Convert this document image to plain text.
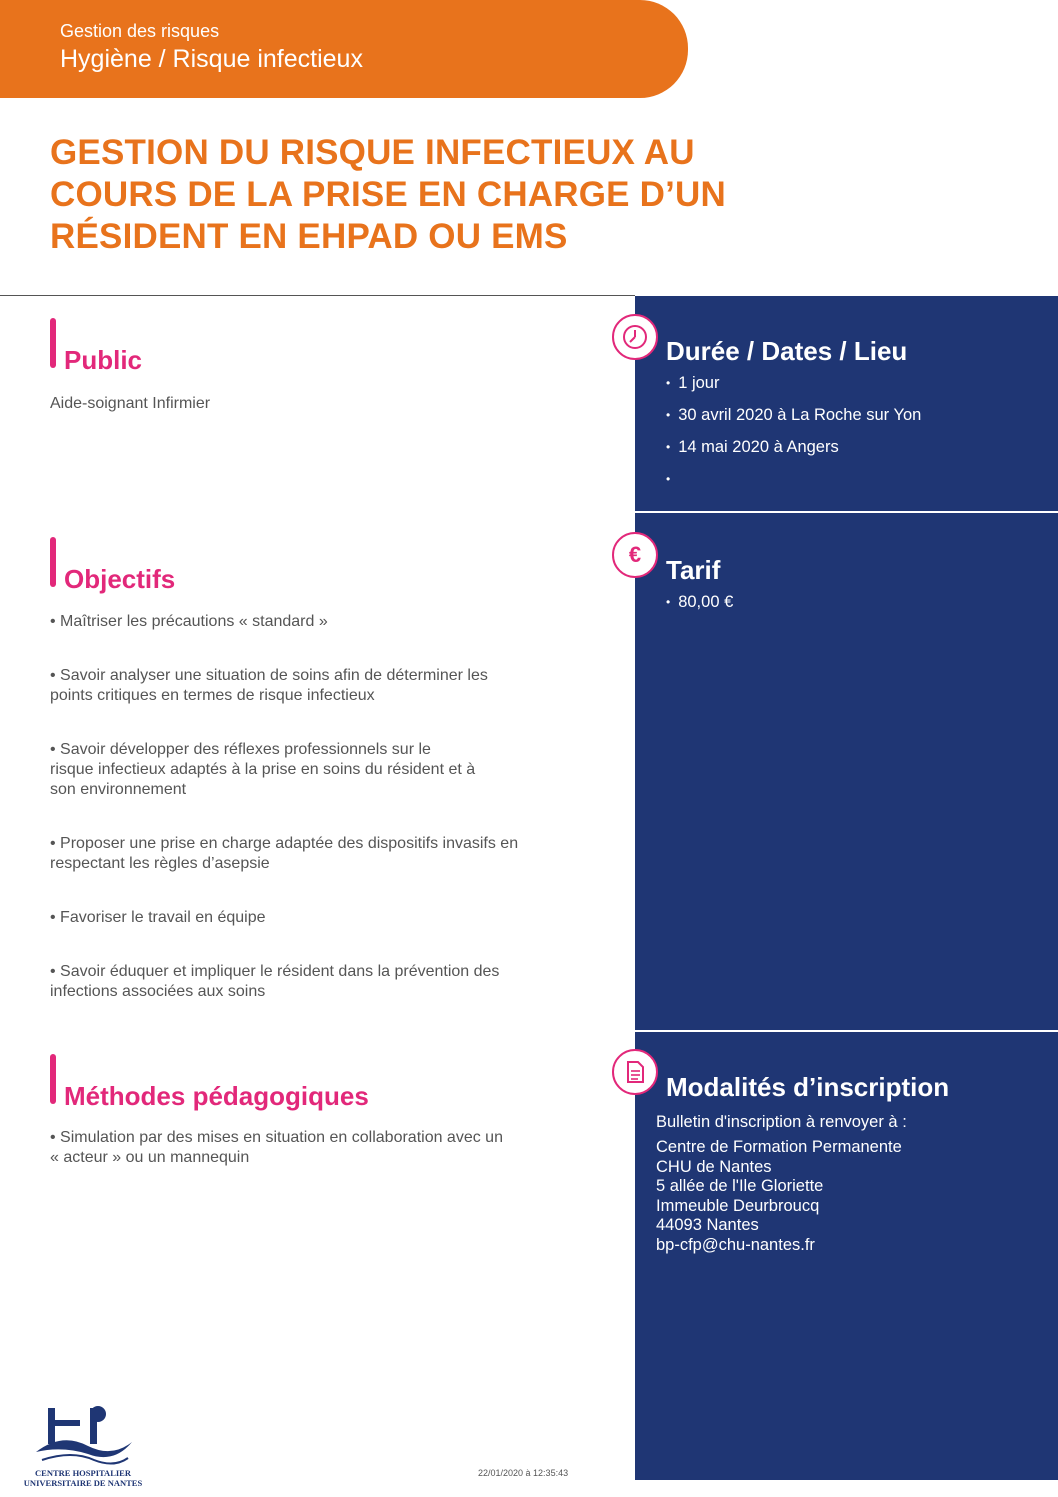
Gestion des risques
Hygiène / Risque infectieux
GESTION DU RISQUE INFECTIEUX AU
COURS DE LA PRISE EN CHARGE D’UN
RÉSIDENT EN EHPAD OU EMS
Public
Aide-soignant Infirmier
Objectifs
• Maîtriser les précautions « standard »
• Savoir analyser une situation de soins afin de déterminer les
points critiques en termes de risque infectieux
• Savoir développer des réflexes professionnels sur le
risque infectieux adaptés à la prise en soins du résident et à
son environnement
• Proposer une prise en charge adaptée des dispositifs invasifs en
respectant les règles d’asepsie
• Favoriser le travail en équipe
• Savoir éduquer et impliquer le résident dans la prévention des
infections associées aux soins
Méthodes pédagogiques
• Simulation par des mises en situation en collaboration avec un
« acteur » ou un mannequin
Durée / Dates / Lieu
• 1 jour
• 30 avril 2020 à La Roche sur Yon
• 14 mai 2020 à Angers
•
€
Tarif
• 80,00 €
Modalités d’inscription
Bulletin d'inscription à renvoyer à :
Centre de Formation Permanente
CHU de Nantes
5 allée de l'Ile Gloriette
Immeuble Deurbroucq
44093 Nantes
bp-cfp@chu-nantes.fr
CENTRE HOSPITALIER
UNIVERSITAIRE DE NANTES
22/01/2020 à 12:35:43
